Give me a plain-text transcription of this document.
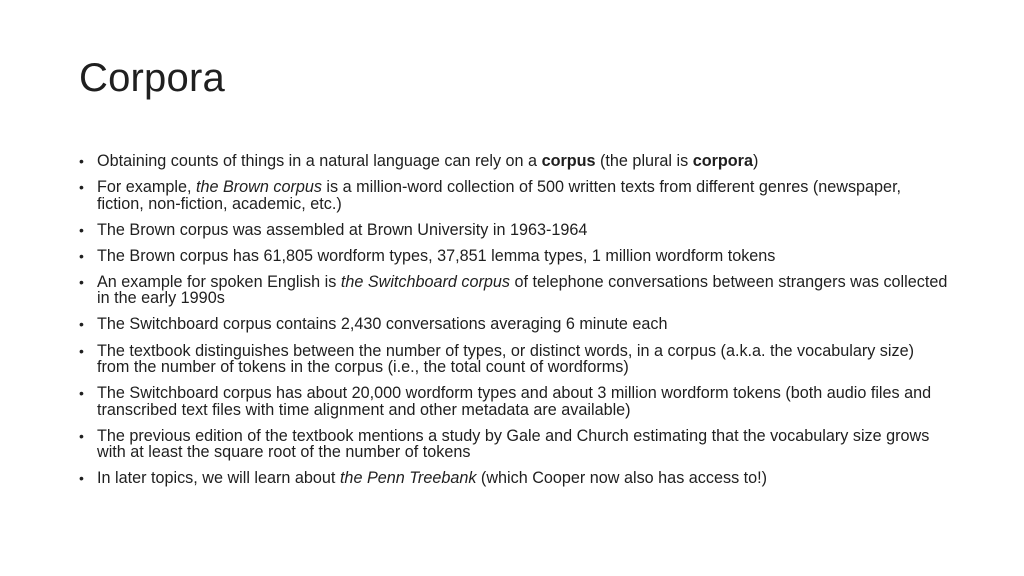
Corpora
• Obtaining counts of things in a natural language can rely on a corpus (the plural is corpora)
• For example, the Brown corpus is a million-word collection of 500 written texts from different genres (newspaper, fiction, non-fiction, academic, etc.)
• The Brown corpus was assembled at Brown University in 1963-1964
• The Brown corpus has 61,805 wordform types, 37,851 lemma types, 1 million wordform tokens
• An example for spoken English is the Switchboard corpus of telephone conversations between strangers was collected in the early 1990s
• The Switchboard corpus contains 2,430 conversations averaging 6 minute each
• The textbook distinguishes between the number of types, or distinct words, in a corpus (a.k.a. the vocabulary size) from the number of tokens in the corpus (i.e., the total count of wordforms)
• The Switchboard corpus has about 20,000 wordform types and about 3 million wordform tokens (both audio files and transcribed text files with time alignment and other metadata are available)
• The previous edition of the textbook mentions a study by Gale and Church estimating that the vocabulary size grows with at least the square root of the number of tokens
• In later topics, we will learn about the Penn Treebank (which Cooper now also has access to!)
